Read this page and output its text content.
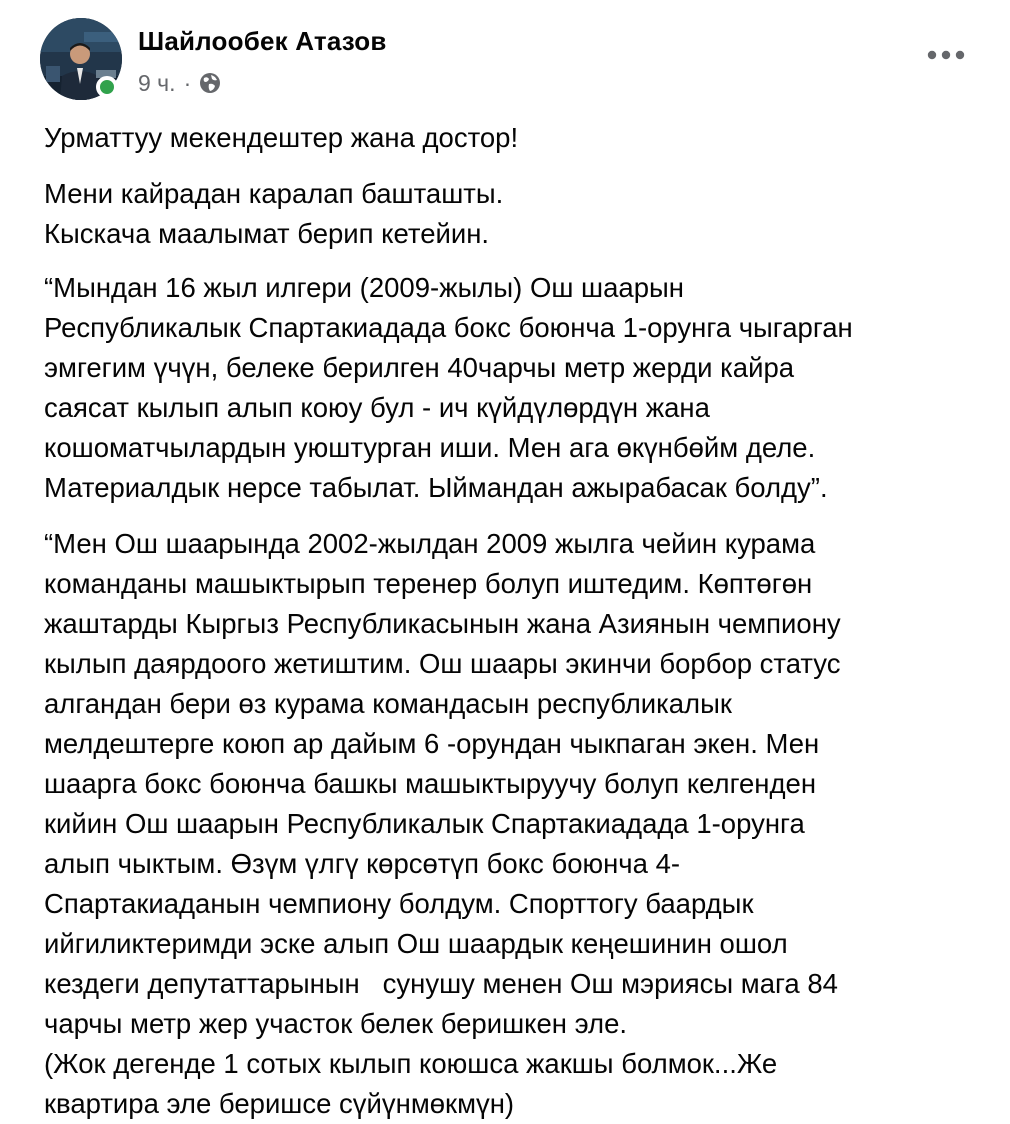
Шайлообек Атазов
9 ч. ·

Урматтуу мекендештер жана достор!

Мени кайрадан каралап башташты.
Кыскача маалымат берип кетейин.

“Мындан 16 жыл илгери (2009-жылы) Ош шаарын
Республикалык Спартакиадада бокс боюнча 1-орунга чыгарган
эмгегим үчүн, белеке берилген 40чарчы метр жерди кайра
саясат кылып алып коюу бул - ич күйдүлөрдүн жана
кошоматчылардын уюштурган иши. Мен ага өкүнбөйм деле.
Материалдык нерсе табылат. Ыймандан ажырабасак болду”.

“Мен Ош шаарында 2002-жылдан 2009 жылга чейин курама
команданы машыктырып теренер болуп иштедим. Көптөгөн
жаштарды Кыргыз Республикасынын жана Азиянын чемпиону
кылып даярдоого жетиштим. Ош шаары экинчи борбор статус
алгандан бери өз курама командасын республикалык
мелдештерге коюп ар дайым 6 -орундан чыкпаган экен. Мен
шаарга бокс боюнча башкы машыктыруучу болуп келгенден
кийин Ош шаарын Республикалык Спартакиадада 1-орунга
алып чыктым. Өзүм үлгү көрсөтүп бокс боюнча 4-
Спартакиаданын чемпиону болдум. Спорттогу баардык
ийгиликтеримди эске алып Ош шаардык кеңешинин ошол
кездеги депутаттарынын   сунушу менен Ош мэриясы мага 84
чарчы метр жер участок белек беришкен эле.
(Жок дегенде 1 сотых кылып коюшса жакшы болмок...Же
квартира эле беришсе сүйүнмөкмүн)
